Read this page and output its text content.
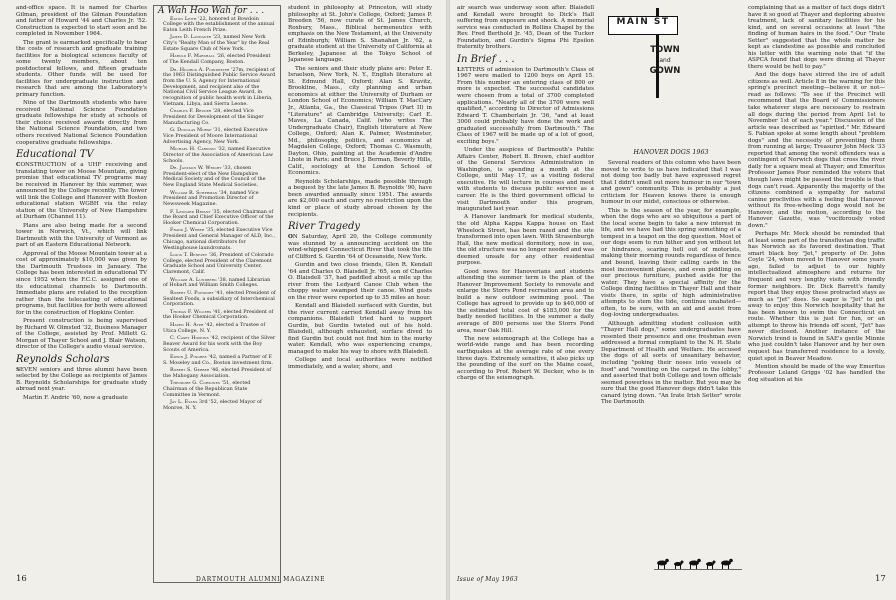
and-office space. It is named for Charles Gilman, president of the Gilman Foundation and father of Howard '44 and Charles Jr. '52. Construction is expected to start soon and be completed in November 1964.

The grant is earmarked specifically to bear the costs of research and graduate training facilities for a biological sciences faculty of some twenty members, about ten postdoctoral fellows, and fifteen graduate students. Other funds will be used for facilities for undergraduate instruction and research that are among the Laboratory's primary function.

Nine of the Dartmouth students who have received National Science Foundation graduate fellowships for study at schools of their choice received awards directly from the National Science Foundation, and two others received National Science Foundation cooperative graduate fellowships.

Educational TV

CONSTRUCTION of a UHF receiving and translating tower on Moose Mountain, giving promise that educational TV programs may be received in Hanover by this summer, was announced by the College recently. The tower will link the College and Hanover with Boston educational station WGBH via the relay station of the University of New Hampshire at Durham (Channel 11).

Plans are also being made for a second tower in Norwich, Vt., which will link Dartmouth with the University of Vermont as part of an Eastern Educational Network.

Approval of the Moose Mountain tower at a cost of approximately $10,000 was given by the Dartmouth Trustees in January. The College has been interested in educational TV since 1952 when the F.C.C. assigned one of its educational channels to Dartmouth. Immediate plans are related to the reception rather than the telecasting of educational programs, but facilities for both were allowed for in the construction of Hopkins Center.

Present construction is being supervised by Richard W. Olmsted '32, Business Manager of the College, assisted by Prof. Millett G. Morgan of Thayer School and J. Blair Watson, director of the College's audio visual service.

Reynolds Scholars

SEVEN seniors and three alumni have been selected by the College as recipients of James B. Reynolds Scholarships for graduate study abroad next year.

Martin F. Andric '60, now a graduate

A Wah Hoo Wah for . . .

Eaton Leith '22, honored at Bowdoin College with the establishment of the annual Eaton Leith French Prize.

James D. Landauer '23, named New York City's "Realty Man of the Year" by the Real Estate Square Club of New York.

Harold F. Marshall '26, elected President of The Kendall Company, Boston.

Dr. Hildrus A. Poindexter '27m, recipient of the 1963 Distinguished Public Service Award from the U. S. Agency for International Development, and recipient also of the National Civil Service League Award, in recognition of public health work in Liberia, Vietnam, Libya, and Sierra Leone.

Charles F. Bruder '28, elected Vice President for Development of the Singer Manufacturing Co.

G. Douglas Morse '31, elected Executive Vice President of Moore International Advertising Agency, New York.

Michael H. Cardozo '32, named Executive Director of the Association of American Law Schools.

Dr. Jackson W. Wright '33, chosen President-elect of the New Hampshire Medical Society and of the Council of the New England State Medical Societies.

William R. Scherman '34, named Vice President and Promotion Director of Newsweek Magazine.

F. Leonard Bryant '35, elected Chairman of the Board and Chief Executive Officer of the Hooker Chemical Corporation.

Frank J. Weber '35, elected Executive Vice President and General Manager of ALD, Inc., Chicago, national distributors for Westinghouse laundromats.

Louis T. Benezet '36, President of Colorado College, elected President of the Claremont Graduate School and University Center, Claremont, Calif.

William A. Lundberg '38, named Librarian of Hobart and William Smith Colleges.

Robert U. Poindorf '41, elected President of Sealtest Foods, a subsidiary of Interchemical Corporation.

Thomas F. Willers '41, elected President of the Hooker Chemical Corporation.

Hazen H. Ayer '42, elected a Trustee of Utica College, N. Y.

C. Casey Hopkins '42, recipient of the Silver Beaver Award for his work with the Boy Scouts of America.

Edwin J. Pingree '42, named a Partner of F. S. Moseley and Co., Boston investment firm.

Robert S. Gerber '46, elected President of the Mahogany Association.

Theodore G. Corsones '51, elected Chairman of the Republican State Committee in Vermont.

Jay L. Evans 3rd '52, elected Mayor of Monroe, N. Y.

student in philosophy at Princeton, will study philosophy at St. John's College, Oxford; James P. Breeden '56, now curate of St. James Church, Roxbury, Mass., Biblical hermeneutics with emphasis on the New Testament, at the University of Edinburgh; William S. Shanahan Jr. '62, a graduate student at the University of California at Berkeley, Japanese at the Tokyo School of Japanese language.

The seniors and their study plans are: Peter E. Israelson, New York, N. Y., English literature at St. Edmund Hall, Oxford; Alan S. Kravitz, Brookline, Mass., city planning and urban economics at either the University of Durham or London School of Economics; William T. MacCary Jr., Atlanta, Ga., the Classical Tripos (Part II) in "Literature" at Cambridge University; Carl E. Maves, La Canada, Calif. (who writes The Undergraduate Chair), English literature at New College, Oxford; Alan K. Palmer, Westminster, Md., philosophy, politics, and economics at Magdalen College, Oxford; Thomas C. Wasmuth, Dayton, Ohio, painting at the Academie d'Andre Lhote in Paris; and Bruce J. Berman, Beverly Hills, Calif., sociology at the London School of Economics.

Reynolds Scholarships, made possible through a bequest by the late James B. Reynolds '90, have been awarded annually since 1951. The awards are $2,000 each and carry no restriction upon the kind or place of study abroad chosen by the recipients.

River Tragedy

ON Saturday, April 20, the College community was stunned by a announcing accident on the wind-whipped Connecticut River that took the life of Clifford S. Gurdin '64 of Oceanside, New York.

Gurdin and two close friends, Glen R. Kendall '64 and Charles O. Blaisdell Jr. '65, son of Charles O. Blaisdell '37, had paddled about a mile up the river from the Ledyard Canoe Club when the choppy water swamped their canoe. Wind gusts on the river were reported up to 35 miles an hour.

Kendall and Blaisdell surfaced with Gurdin, but the river current carried Kendall away from his companions. Blaisdell tried hard to support Gurdin, but Gurdin twisted out of his hold. Blaisdell, although exhausted, surface dived to find Gurdin but could not find him in the murky water. Kendall, who was experiencing cramps, managed to make his way to shore with Blaisdell.

College and local authorities were notified immediately, and a water, shore, and

16	DARTMOUTH ALUMNI MAGAZINE

air search was underway soon after. Blaisdell and Kendall were brought to Dick's Hall suffering from exposure and shock. A memorial service was conducted in Rollins Chapel by the Rev. Fred Berthold Jr. '45, Dean of the Tucker Foundation, and Gurdin's Sigma Phi Epsilon fraternity brothers.

In Brief . . .

LETTERS of admission to Dartmouth's Class of 1967 were mailed to 1200 boys on April 15. From this number an entering class of 800 or more is expected. The successful candidates were chosen from a total of 3700 completed applications. "Nearly all of the 3700 were well qualified," according to Director of Admissions Edward T. Chamberlain Jr. '36, "and at least 3000 could probably have done the work and graduated successfully from Dartmouth." The Class of 1967 will be made up of a lot of good, exciting boys."

Under the auspices of Dartmouth's Public Affairs Center, Robert B. Brown, chief auditor of the General Services Administration in Washington, is spending a month at the College, until May 17, as a visiting federal executive. He will lecture in courses and meet with students to discuss public service as a career. He is the third government official to visit Dartmouth under this program, inaugurated last year.

A Hanover landmark for medical students, the old Alpha Kappa Kappa house on East Wheelock Street, has been razed and the site transformed into open lawn. With Strasenburgh Hall, the new medical dormitory, now in use, the old structure was no longer needed and was deemed unsafe for any other residential purpose.

Good news for Hanoverians and students attending the summer term is the plan of the Hanover Improvement Society to renovate and enlarge the Storrs Pond recreation area and to build a new outdoor swimming pool. The College has agreed to provide up to $40,000 of the estimated total cost of $183,000 for the badly needed facilities. In the summer a daily average of 800 persons use the Storrs Pond area, near Oak Hill.

The new seismograph at the College has a world-wide range and has been recording earthquakes at the average rate of one every three days. Extremely sensitive, it also picks up the pounding of the surf on the Maine coast, according to Prof. Robert W. Decker, who is in charge of the seismograph.

MAIN ST
TOWN
and
GOWN
HANOVER DOGS 1963

Several readers of this column who have been moved to write to us have indicated that I was not doing too badly but have expressed regret that I didn't smell out more humour in our "town and gown" community. This is probably a just criticism for Heaven knows there is enough humour in our midst, conscious or otherwise.

This is the season of the year, for example, when the dogs who are so ubiquitous a part of the local scene begin to take a new interest in life, and we have had this spring something of a tempest in a teapot on the dog question. Most of our dogs seem to run hither and yon without let or hindrance, scaring hell out of motorists, making their morning rounds regardless of fence and bound, leaving their calling cards in the most inconvenient places, and even piddling on our precious furniture, pushed aside for the water. They have a special affinity for the College dining facilities in Thayer Hall and their visits there, in spite of high administrative attempts to stem the tide, continue unabated—often, to be sure, with an aid and assist from dog-loving undergraduates.

Although admitting student collusion with "Thayer Hall dogs," some undergraduates have resented their presence and one freshman even addressed a formal complaint to the N. H. State Department of Health and Welfare. He accused the dogs of all sorts of unsanitary behavior, including "poking their noses into vessels of food" and "vomiting on the carpet in the lobby," and asserted that both College and town officials seemed powerless in the matter. But you may be sure that the good Hanover dogs didn't take this canard lying down. "An Irate Irish Setter" wrote The Dartmouth

complaining that as a matter of fact dogs didn't have it so good at Thayer and deploring abusive treatment, lack of sanitary facilities for his kind, and on several occasions at least "the finding of human hairs in the food." Our "Irate Setter" suggested that the whole matter be kept as clandestine as possible and concluded his letter with the warning note that "if the ASPCA found that dogs were dining at Thayer there would be hell to pay."

And the dogs have stirred the ire of adult citizens as well. Article 8 in the warning for this spring's precinct meeting—believe it or not—read as follows: "To see if the Precinct will recommend that the Board of Commissioners take whatever steps are necessary to restrain all dogs during the period from April 1st to November 1st of each year." Discussion of the article was described as "spirited." Mr. Edward S. Fabian spoke at some length about "problem dogs" and the necessity of preventing them from running at large; Treasurer John Meck '33 reported that among the worst offenders was a contingent of Norwich dogs that cross the river daily for a square meal at Thayer; and Emeritus Professor James Poor reminded the voters that though laws might be passed the trouble is that dogs can't read. Apparently the majority of the citizens combined a sympathy for natural canine proclivities with a feeling that Hanover without its free-wheeling dogs would not be Hanover, and the motion, according to the Hanover Gazette, was "vociferously voted down."

Perhaps Mr. Meck should be reminded that at least some part of the transfluvian dog traffic has Norwich as its favored destination. That smart black boy "Jet," property of Dr. John Coyle '24, when moved to Hanover some years ago, failed to adjust to our highly intellectualized atmosphere and returns for frequent and very lengthy visits with friendly former neighbors. Dr. Dick Barrett's family report that they enjoy these protracted stays as much as "Jet" does. So eager is "Jet" to get away to enjoy this Norwich hospitality that he has been known to swim the Connecticut en route. Whether this is just for fun, or an attempt to throw his friends off scent, "Jet" has never disclosed. Another instance of the Norwich trend is found in SAE's gentle Minnie who just couldn't take Hanover and by her own request has transferred residence to a lovely, quiet spot in Beaver Meadow.

Mention should be made of the way Emeritus Professor Leland Griggs '02 has handled the dog situation at his

Issue of May 1963	17
